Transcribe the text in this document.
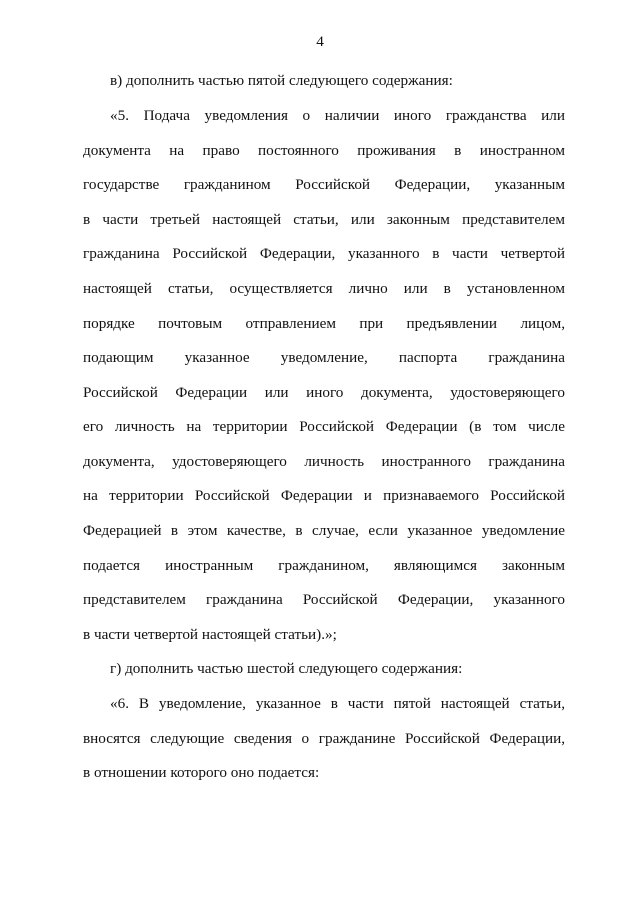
4
в) дополнить частью пятой следующего содержания:
«5. Подача уведомления о наличии иного гражданства или
документа на право постоянного проживания в иностранном
государстве гражданином Российской Федерации, указанным
в части третьей настоящей статьи, или законным представителем
гражданина Российской Федерации, указанного в части четвертой
настоящей статьи, осуществляется лично или в установленном
порядке почтовым отправлением при предъявлении лицом,
подающим указанное уведомление, паспорта гражданина
Российской Федерации или иного документа, удостоверяющего
его личность на территории Российской Федерации (в том числе
документа, удостоверяющего личность иностранного гражданина
на территории Российской Федерации и признаваемого Российской
Федерацией в этом качестве, в случае, если указанное уведомление
подается иностранным гражданином, являющимся законным
представителем гражданина Российской Федерации, указанного
в части четвертой настоящей статьи).»;
г) дополнить частью шестой следующего содержания:
«6. В уведомление, указанное в части пятой настоящей статьи,
вносятся следующие сведения о гражданине Российской Федерации,
в отношении которого оно подается:
